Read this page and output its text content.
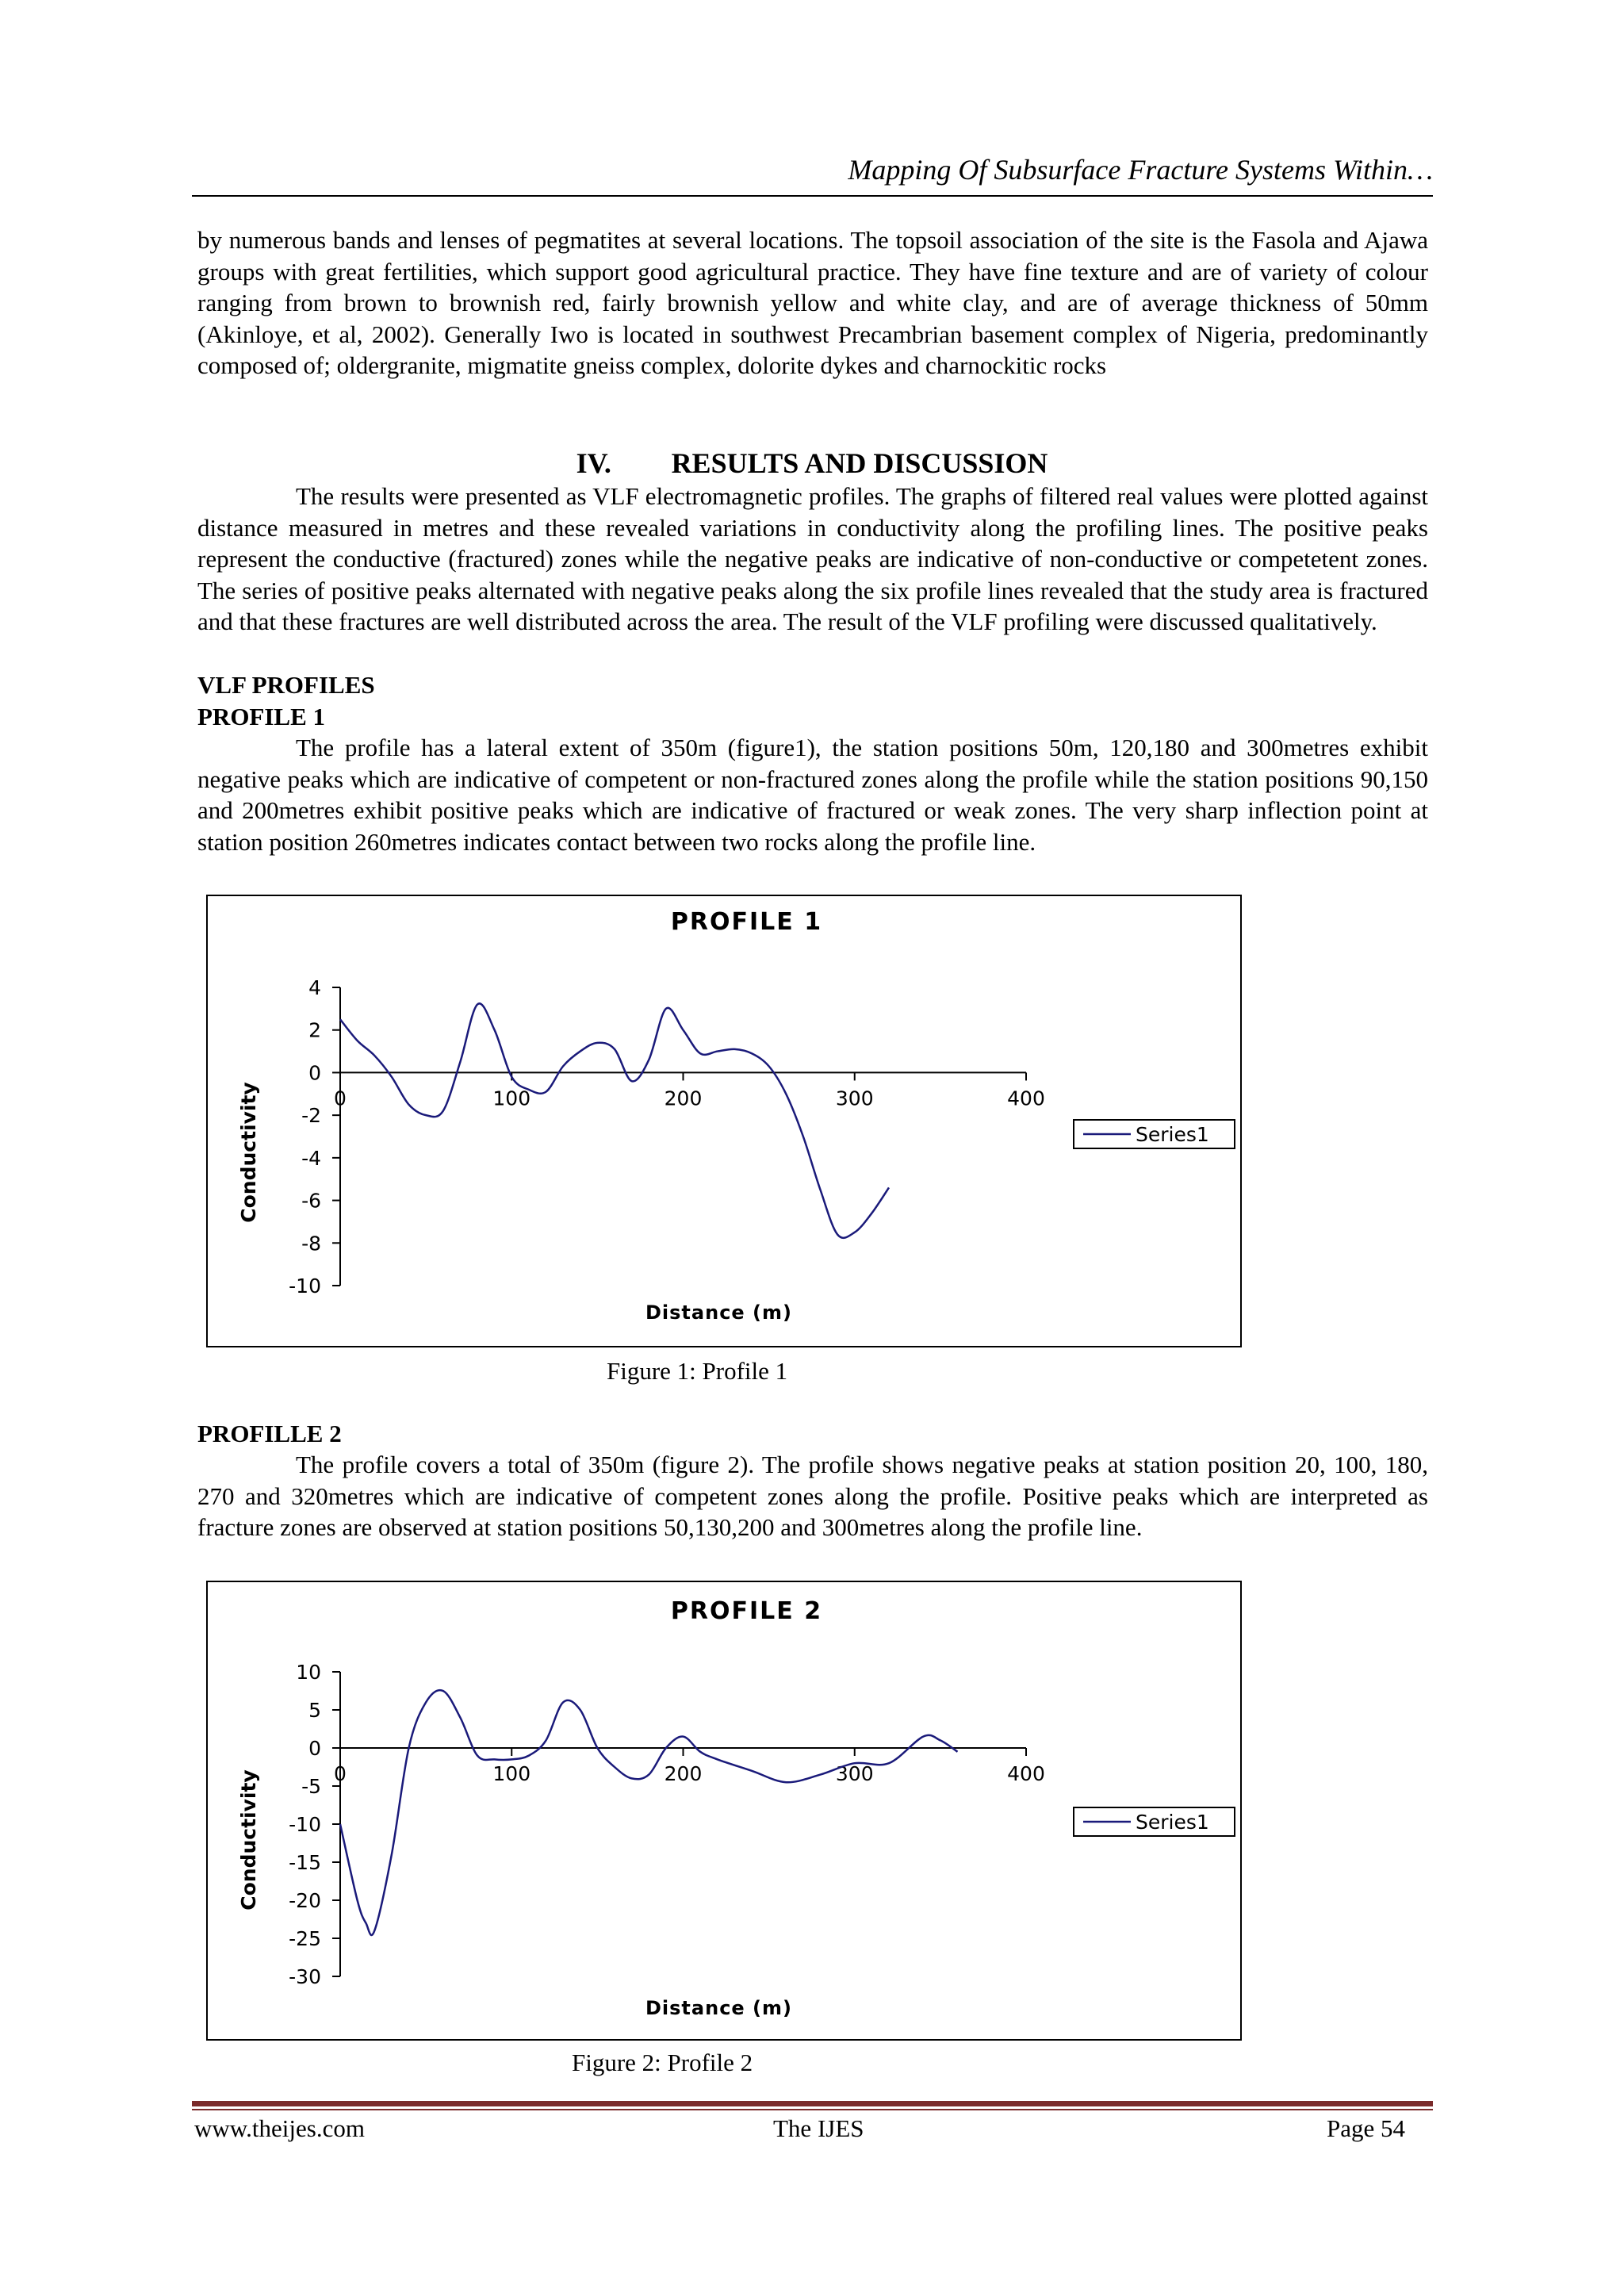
Mapping Of Subsurface Fracture Systems Within…

by numerous bands and lenses of pegmatites at several locations. The topsoil association of the site is the Fasola and Ajawa groups with great fertilities, which support good agricultural practice. They have fine texture and are of variety of colour ranging from brown to brownish red, fairly brownish yellow and white clay, and are of average thickness of 50mm (Akinloye, et al, 2002). Generally Iwo is located in southwest Precambrian basement complex of Nigeria, predominantly composed of; oldergranite, migmatite gneiss complex, dolorite dykes and charnockitic rocks

IV. RESULTS AND DISCUSSION

The results were presented as VLF electromagnetic profiles. The graphs of filtered real values were plotted against distance measured in metres and these revealed variations in conductivity along the profiling lines. The positive peaks represent the conductive (fractured) zones while the negative peaks are indicative of non-conductive or competetent zones. The series of positive peaks alternated with negative peaks along the six profile lines revealed that the study area is fractured and that these fractures are well distributed across the area. The result of the VLF profiling were discussed qualitatively.

VLF PROFILES
PROFILE 1

The profile has a lateral extent of 350m (figure1), the station positions 50m, 120,180 and 300metres exhibit negative peaks which are indicative of competent or non-fractured zones along the profile while the station positions 90,150 and 200metres exhibit positive peaks which are indicative of fractured or weak zones. The very sharp inflection point at station position 260metres indicates contact between two rocks along the profile line.

PROFILE 1
4
2
0
-2
-4
-6
-8
-10
0	100	200	300	400
Distance (m)
Conductivity	Series1
Figure 1: Profile 1
PROFILLE 2

The profile covers a total of 350m (figure 2). The profile shows negative peaks at station position 20, 100, 180, 270 and 320metres which are indicative of competent zones along the profile. Positive peaks which are interpreted as fracture zones are observed at station positions 50,130,200 and 300metres along the profile line.

PROFILE 2
10
5
0
-5
-10
-15
-20
-25
-30
0	100	200	300	400
Distance (m)
Conductivity	Series1
Figure 2: Profile 2
www.theijes.com	The IJES	Page 54
